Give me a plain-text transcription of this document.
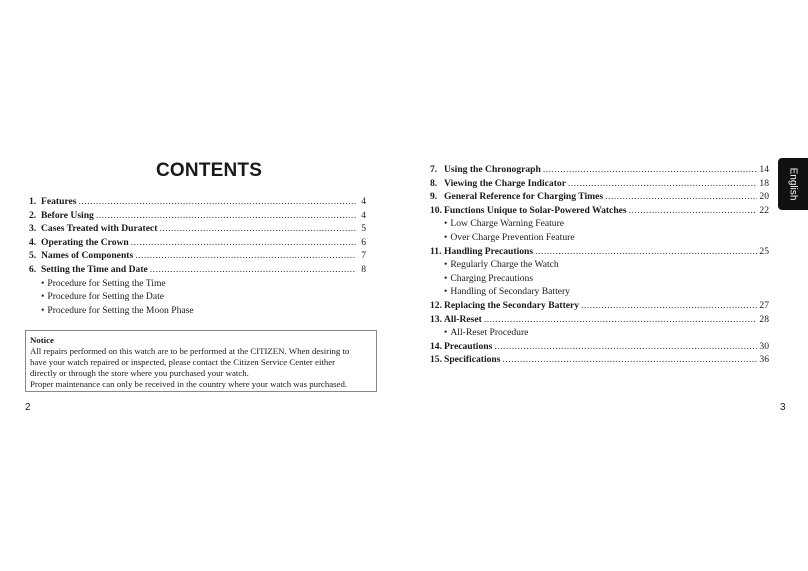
CONTENTS
1. Features .....	4
2. Before Using .....	4
3. Cases Treated with Duratect .....	5
4. Operating the Crown .....	6
5. Names of Components .....	7
6. Setting the Time and Date .....	8
• Procedure for Setting the Time
• Procedure for Setting the Date
• Procedure for Setting the Moon Phase
Notice
All repairs performed on this watch are to be performed at the CITIZEN. When desiring to
have your watch repaired or inspected, please contact the Citizen Service Center either
directly or through the store where you purchased your watch.
Proper maintenance can only be received in the country where your watch was purchased.
2
7. Using the Chronograph .....	14
8. Viewing the Charge Indicator .....	18
9. General Reference for Charging Times .....	20
10. Functions Unique to Solar-Powered Watches .....	22
• Low Charge Warning Feature
• Over Charge Prevention Feature
11. Handling Precautions .....	25
• Regularly Charge the Watch
• Charging Precautions
• Handling of Secondary Battery
12. Replacing the Secondary Battery .....	27
13. All-Reset .....	28
• All-Reset Procedure
14. Precautions .....	30
15. Specifications .....	36
3
English
